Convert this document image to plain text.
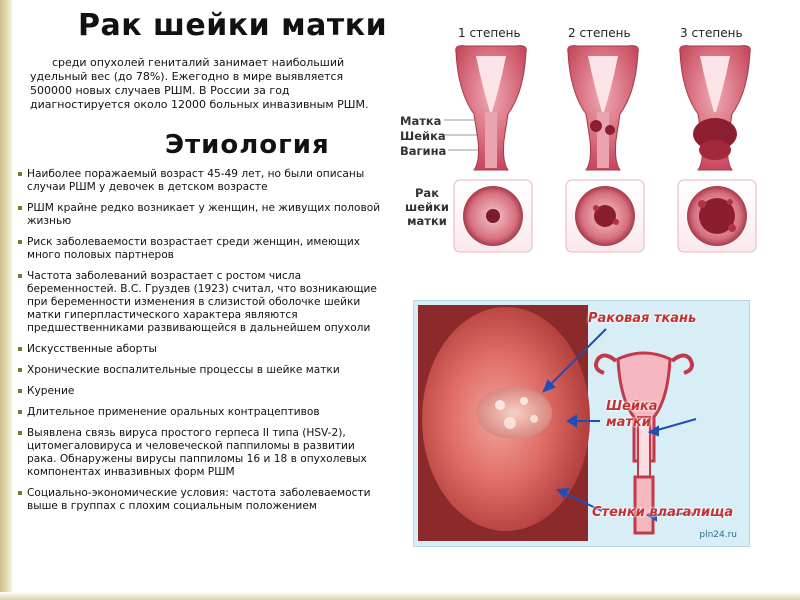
Рак шейки матки

среди опухолей гениталий занимает наибольший удельный вес (до 78%). Ежегодно в мире выявляется 500000 новых случаев РШМ. В России за год диагностируется около 12000 больных инвазивным РШМ.

Этиология
Наиболее поражаемый возраст 45-49 лет, но были описаны случаи РШМ у девочек в детском возрасте
РШМ крайне редко возникает у женщин, не живущих половой жизнью
Риск заболеваемости возрастает среди женщин, имеющих много половых партнеров
Частота заболеваний возрастает с ростом числа беременностей. В.С. Груздев (1923) считал, что возникающие при беременности изменения в слизистой оболочке шейки матки гиперпластического характера являются предшественниками развивающейся в дальнейшем опухоли
Искусственные аборты
Хронические воспалительные процессы в шейке матки
Курение
Длительное применение оральных контрацептивов
Выявлена связь вируса простого герпеса II типа (HSV-2), цитомегаловируса и человеческой паппиломы в развитии рака. Обнаружены вирусы паппиломы 16 и 18 в опухолевых компонентах инвазивных форм РШМ
Социально-экономические условия: частота заболеваемости выше в группах с плохим социальным положением
1 степень	2 степень	3 степень
Матка
Шейка
Вагина
Рак шейки матки
Раковая ткань
Шейка матки
Стенки влагалища
pln24.ru
